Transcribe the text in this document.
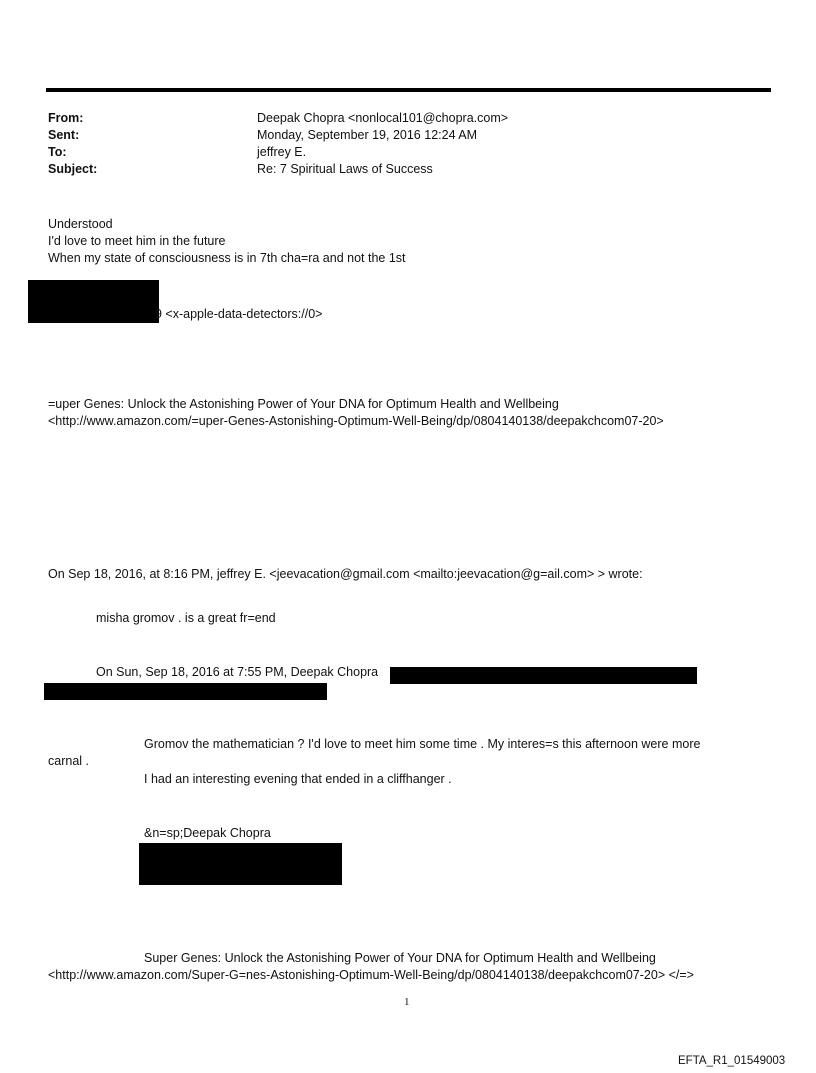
From:
Sent:
To:
Subject:
Deepak Chopra <nonlocal101@chopra.com>
Monday, September 19, 2016 12:24 AM
jeffrey E.
Re: 7 Spiritual Laws of Success
Understood
I'd love to meet him in the future
When my state of consciousness is in 7th cha=ra and not the 1st
9 <x-apple-data-detectors://0>
=uper Genes: Unlock the Astonishing Power of Your DNA for Optimum Health and Wellbeing
<http://www.amazon.com/=uper-Genes-Astonishing-Optimum-Well-Being/dp/0804140138/deepakchcom07-20>
On Sep 18, 2016, at 8:16 PM, jeffrey E. <jeevacation@gmail.com <mailto:jeevacation@g=ail.com> > wrote:
misha gromov . is a great fr=end
On Sun, Sep 18, 2016 at 7:55 PM, Deepak Chopra
Gromov the mathematician ? I'd love to meet him some time . My interes=s this afternoon were more
carnal .
I had an interesting evening that ended in a cliffhanger .
&n=sp;Deepak Chopra
Super Genes: Unlock the Astonishing Power of Your DNA for Optimum Health and Wellbeing
<http://www.amazon.com/Super-G=nes-Astonishing-Optimum-Well-Being/dp/0804140138/deepakchcom07-20> </=>
1
EFTA_R1_01549003
